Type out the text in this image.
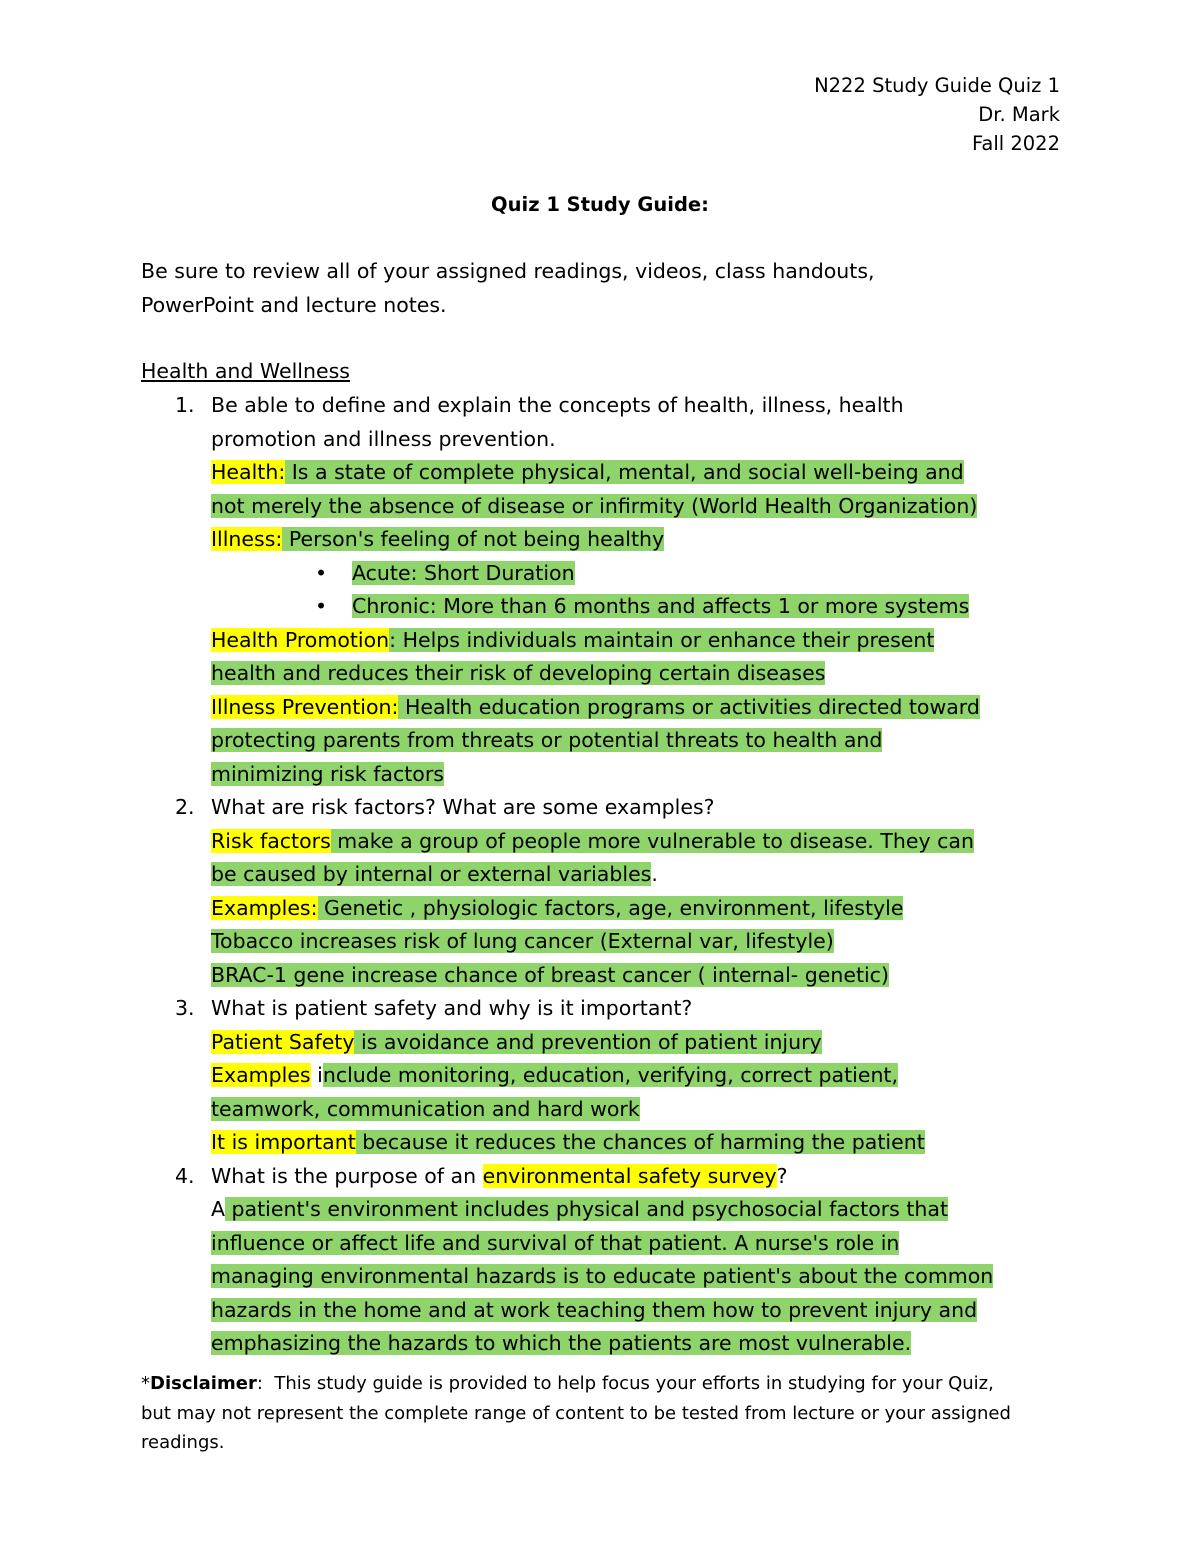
N222 Study Guide Quiz 1
Dr. Mark
Fall 2022
Quiz 1 Study Guide:
Be sure to review all of your assigned readings, videos, class handouts,
PowerPoint and lecture notes.
Health and Wellness
1. Be able to define and explain the concepts of health, illness, health
promotion and illness prevention.
Health: Is a state of complete physical, mental, and social well-being and
not merely the absence of disease or infirmity (World Health Organization)
Illness: Person's feeling of not being healthy
• Acute: Short Duration
• Chronic: More than 6 months and affects 1 or more systems
Health Promotion: Helps individuals maintain or enhance their present
health and reduces their risk of developing certain diseases
Illness Prevention: Health education programs or activities directed toward
protecting parents from threats or potential threats to health and
minimizing risk factors
2. What are risk factors? What are some examples?
Risk factors make a group of people more vulnerable to disease. They can
be caused by internal or external variables.
Examples: Genetic , physiologic factors, age, environment, lifestyle
Tobacco increases risk of lung cancer (External var, lifestyle)
BRAC-1 gene increase chance of breast cancer ( internal- genetic)
3. What is patient safety and why is it important?
Patient Safety is avoidance and prevention of patient injury
Examples include monitoring, education, verifying, correct patient,
teamwork, communication and hard work
It is important because it reduces the chances of harming the patient
4. What is the purpose of an environmental safety survey?
A patient's environment includes physical and psychosocial factors that
influence or affect life and survival of that patient. A nurse's role in
managing environmental hazards is to educate patient's about the common
hazards in the home and at work teaching them how to prevent injury and
emphasizing the hazards to which the patients are most vulnerable.
*Disclaimer:  This study guide is provided to help focus your efforts in studying for your Quiz,
but may not represent the complete range of content to be tested from lecture or your assigned
readings.
